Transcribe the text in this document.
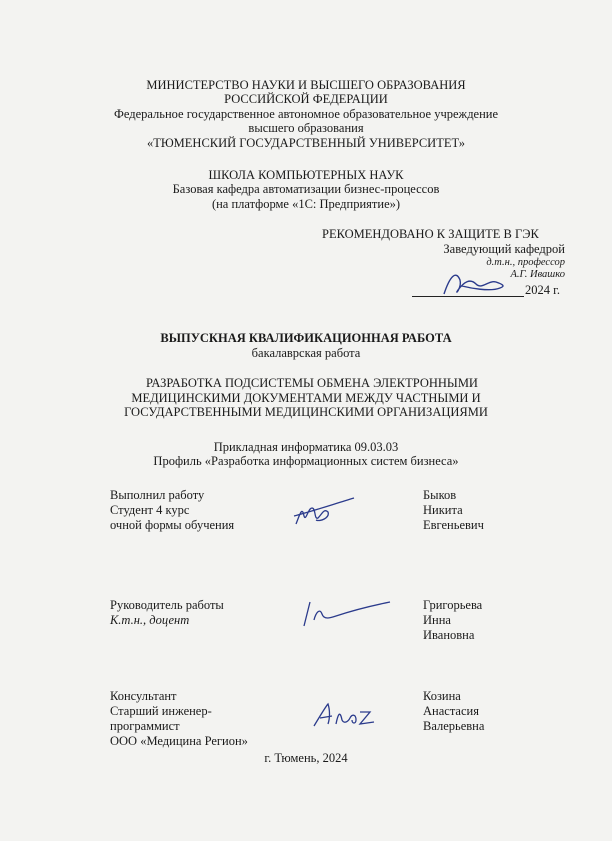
МИНИСТЕРСТВО НАУКИ И ВЫСШЕГО ОБРАЗОВАНИЯ
РОССИЙСКОЙ ФЕДЕРАЦИИ
Федеральное государственное автономное образовательное учреждение
высшего образования
«ТЮМЕНСКИЙ ГОСУДАРСТВЕННЫЙ УНИВЕРСИТЕТ»
ШКОЛА КОМПЬЮТЕРНЫХ НАУК
Базовая кафедра автоматизации бизнес-процессов
(на платформе «1С: Предприятие»)
РЕКОМЕНДОВАНО К ЗАЩИТЕ В ГЭК
Заведующий кафедрой
д.т.н., профессор
А.Г. Ивашко
2024 г.
ВЫПУСКНАЯ КВАЛИФИКАЦИОННАЯ РАБОТА
бакалаврская работа
РАЗРАБОТКА ПОДСИСТЕМЫ ОБМЕНА ЭЛЕКТРОННЫМИ
МЕДИЦИНСКИМИ ДОКУМЕНТАМИ МЕЖДУ ЧАСТНЫМИ И
ГОСУДАРСТВЕННЫМИ МЕДИЦИНСКИМИ ОРГАНИЗАЦИЯМИ
Прикладная информатика 09.03.03
Профиль «Разработка информационных систем бизнеса»
Выполнил работу
Студент 4 курс
очной формы обучения
Быков
Никита
Евгеньевич
Руководитель работы
К.т.н., доцент
Григорьева
Инна
Ивановна
Консультант
Старший инженер-
программист
ООО «Медицина Регион»
Козина
Анастасия
Валерьевна
г. Тюмень, 2024
